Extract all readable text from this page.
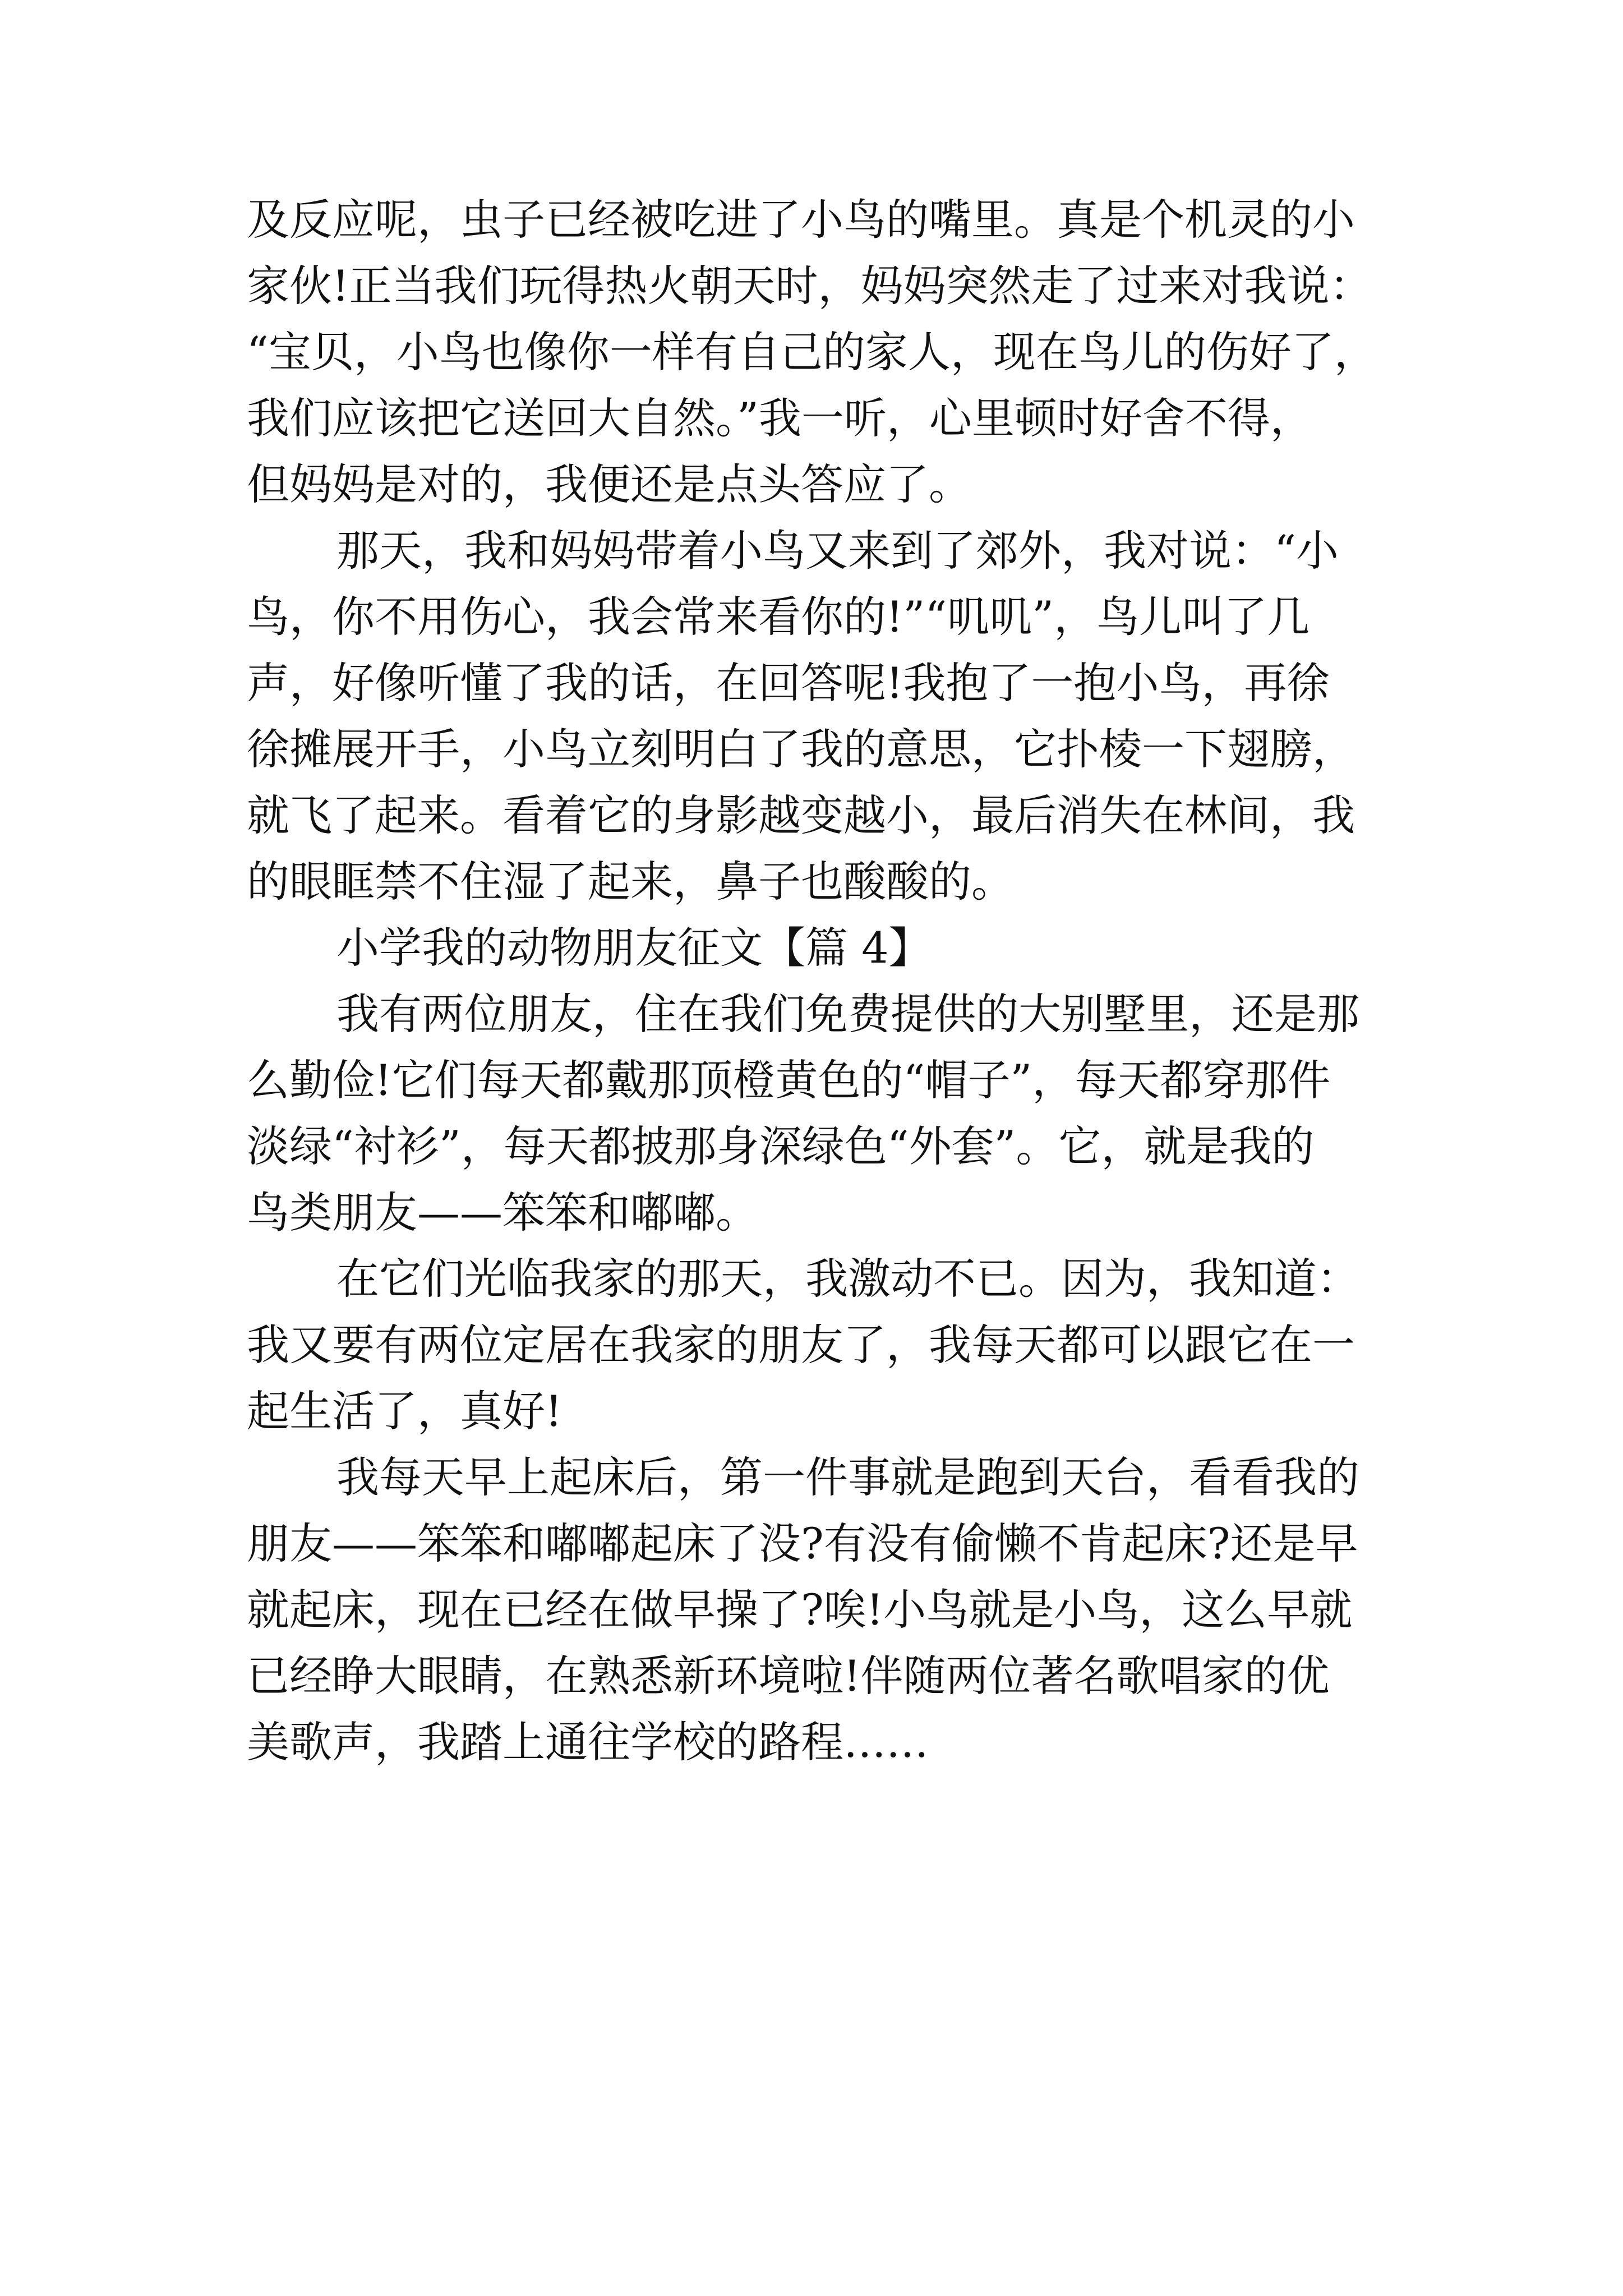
及反应呢，虫子已经被吃进了小鸟的嘴里。真是个机灵的小
家伙!正当我们玩得热火朝天时，妈妈突然走了过来对我说：
“宝贝，小鸟也像你一样有自己的家人，现在鸟儿的伤好了，
我们应该把它送回大自然。”我一听，心里顿时好舍不得，
但妈妈是对的，我便还是点头答应了。
那天，我和妈妈带着小鸟又来到了郊外，我对说：“小
鸟，你不用伤心，我会常来看你的!”“叽叽”，鸟儿叫了几
声，好像听懂了我的话，在回答呢!我抱了一抱小鸟，再徐
徐摊展开手，小鸟立刻明白了我的意思，它扑棱一下翅膀，
就飞了起来。看着它的身影越变越小，最后消失在林间，我
的眼眶禁不住湿了起来，鼻子也酸酸的。
小学我的动物朋友征文【篇 4】
我有两位朋友，住在我们免费提供的大别墅里，还是那
么勤俭!它们每天都戴那顶橙黄色的“帽子”，每天都穿那件
淡绿“衬衫”，每天都披那身深绿色“外套”。它，就是我的
鸟类朋友——笨笨和嘟嘟。
在它们光临我家的那天，我激动不已。因为，我知道：
我又要有两位定居在我家的朋友了，我每天都可以跟它在一
起生活了，真好!
我每天早上起床后，第一件事就是跑到天台，看看我的
朋友——笨笨和嘟嘟起床了没?有没有偷懒不肯起床?还是早
就起床，现在已经在做早操了?唉!小鸟就是小鸟，这么早就
已经睁大眼睛，在熟悉新环境啦!伴随两位著名歌唱家的优
美歌声，我踏上通往学校的路程……
